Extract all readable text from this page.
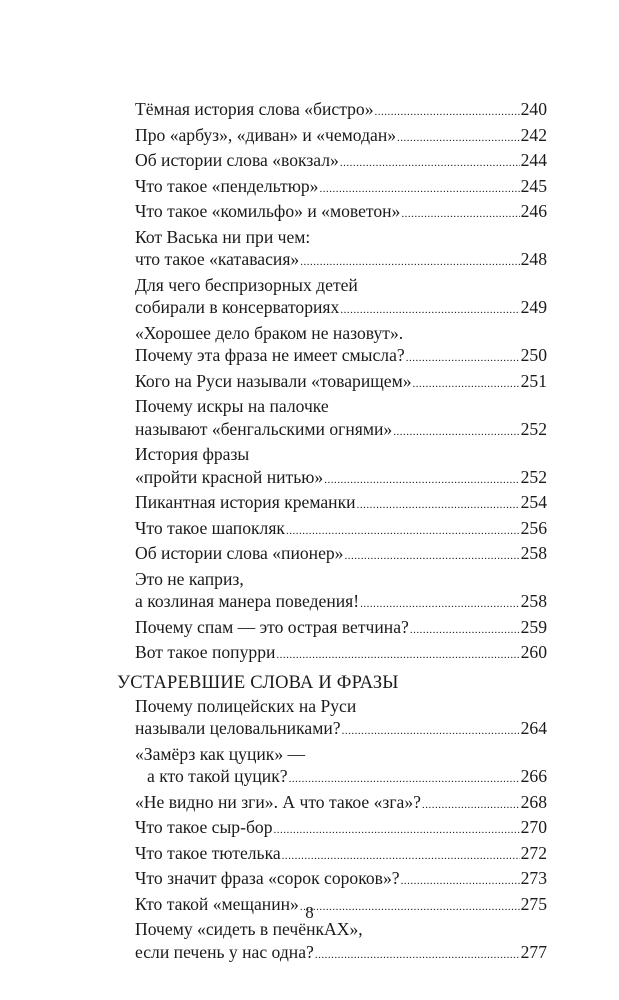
Тёмная история слова «бистро» .....	240
Про «арбуз», «диван» и «чемодан» .....	242
Об истории слова «вокзал» .....	244
Что такое «пендельтюр» .....	245
Что такое «комильфо» и «моветон» .....	246
Кот Васька ни при чем:
что такое «катавасия» .....	248
Для чего беспризорных детей
собирали в консерваториях .....	249
«Хорошее дело браком не назовут».
Почему эта фраза не имеет смысла? .....	250
Кого на Руси называли «товарищем» .....	251
Почему искры на палочке
называют «бенгальскими огнями» .....	252
История фразы
«пройти красной нитью» .....	252
Пикантная история креманки .....	254
Что такое шапокляк .....	256
Об истории слова «пионер» .....	258
Это не каприз,
а козлиная манера поведения! .....	258
Почему спам — это острая ветчина? .....	259
Вот такое попурри .....	260
УСТАРЕВШИЕ СЛОВА И ФРАЗЫ
Почему полицейских на Руси
называли целовальниками? .....	264
«Замёрз как цуцик» —
а кто такой цуцик? .....	266
«Не видно ни зги». А что такое «зга»? .....	268
Что такое сыр-бор .....	270
Что такое тютелька .....	272
Что значит фраза «сорок сороков»? .....	273
Кто такой «мещанин» .....	275
Почему «сидеть в печёнкАХ»,
если печень у нас одна? .....	277
8
